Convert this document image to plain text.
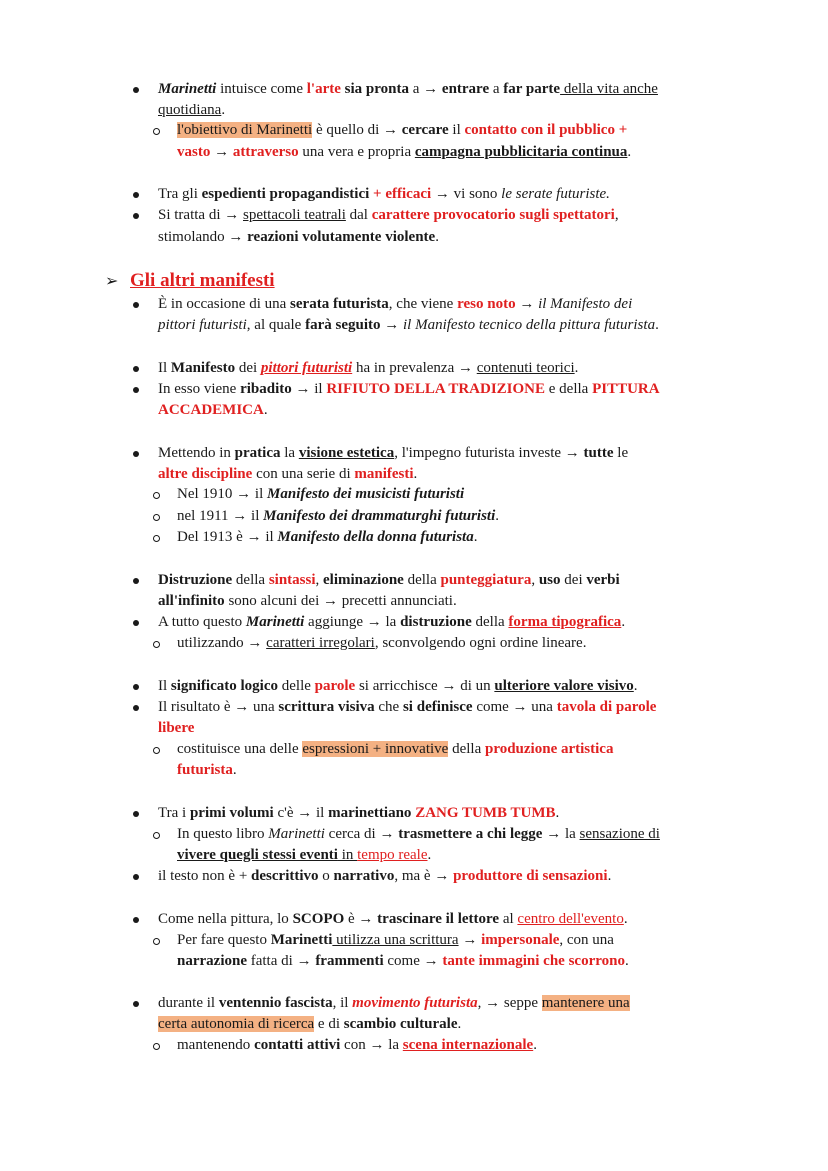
Marinetti intuisce come l'arte sia pronta a → entrare a far parte della vita anche
quotidiana.
l'obiettivo di Marinetti è quello di → cercare il contatto con il pubblico +
vasto → attraverso una vera e propria campagna pubblicitaria continua.
Tra gli espedienti propagandistici + efficaci → vi sono le serate futuriste.
Si tratta di → spettacoli teatrali dal carattere provocatorio sugli spettatori,
stimolando → reazioni volutamente violente.
➢ Gli altri manifesti
È in occasione di una serata futurista, che viene reso noto → il Manifesto dei
pittori futuristi, al quale farà seguito → il Manifesto tecnico della pittura futurista.
Il Manifesto dei pittori futuristi ha in prevalenza → contenuti teorici.
In esso viene ribadito → il RIFIUTO DELLA TRADIZIONE e della PITTURA
ACCADEMICA.
Mettendo in pratica la visione estetica, l'impegno futurista investe → tutte le
altre discipline con una serie di manifesti.
Nel 1910 → il Manifesto dei musicisti futuristi
nel 1911 → il Manifesto dei drammaturghi futuristi.
Del 1913 è → il Manifesto della donna futurista.
Distruzione della sintassi, eliminazione della punteggiatura, uso dei verbi
all'infinito sono alcuni dei → precetti annunciati.
A tutto questo Marinetti aggiunge → la distruzione della forma tipografica.
utilizzando → caratteri irregolari, sconvolgendo ogni ordine lineare.
Il significato logico delle parole si arricchisce → di un ulteriore valore visivo.
Il risultato è → una scrittura visiva che si definisce come → una tavola di parole
libere
costituisce una delle espressioni + innovative della produzione artistica
futurista.
Tra i primi volumi c'è → il marinettiano ZANG TUMB TUMB.
In questo libro Marinetti cerca di → trasmettere a chi legge → la sensazione di
vivere quegli stessi eventi in tempo reale.
il testo non è + descrittivo o narrativo, ma è → produttore di sensazioni.
Come nella pittura, lo SCOPO è → trascinare il lettore al centro dell'evento.
Per fare questo Marinetti utilizza una scrittura → impersonale, con una
narrazione fatta di → frammenti come → tante immagini che scorrono.
durante il ventennio fascista, il movimento futurista, → seppe mantenere una
certa autonomia di ricerca e di scambio culturale.
mantenendo contatti attivi con → la scena internazionale.
